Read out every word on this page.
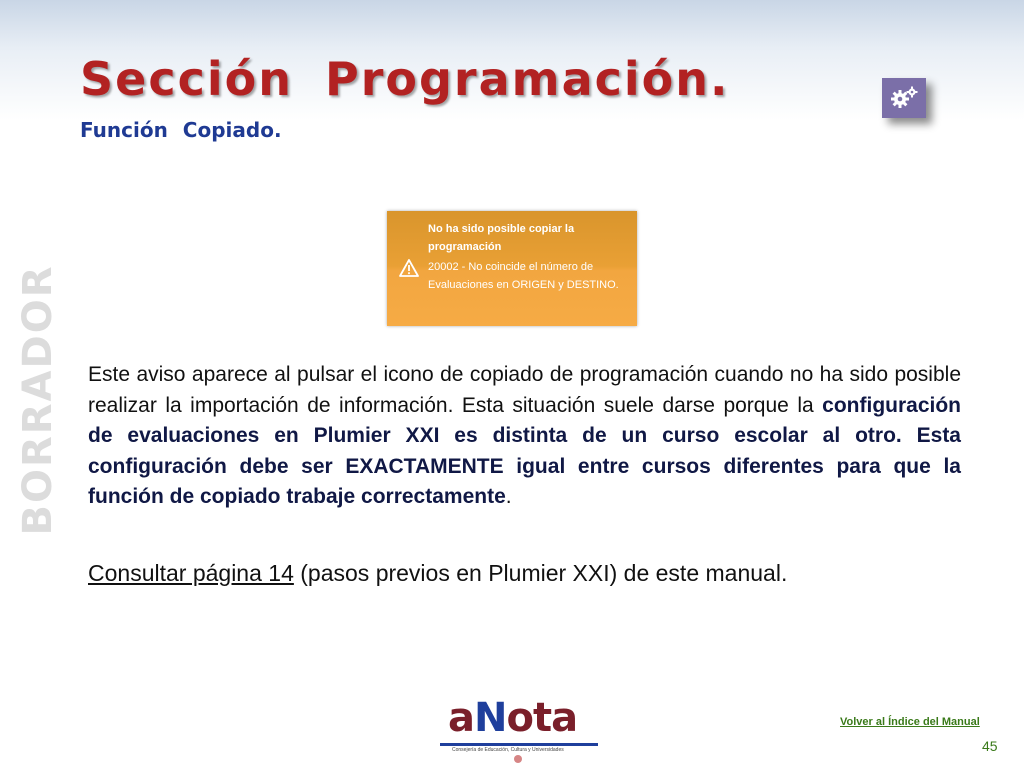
Sección Programación.
Función Copiado.
BORRADOR
No ha sido posible copiar la programación
20002 - No coincide el número de Evaluaciones en ORIGEN y DESTINO.
Este aviso aparece al pulsar el icono de copiado de programación cuando no ha sido posible realizar la importación de información. Esta situación suele darse porque la configuración de evaluaciones en Plumier XXI es distinta de un curso escolar al otro. Esta configuración debe ser EXACTAMENTE igual entre cursos diferentes para que la función de copiado trabaje correctamente.
Consultar página 14 (pasos previos en Plumier XXI) de este manual.
aNota
Consejería de Educación, Cultura y Universidades
Volver al Índice del Manual
45
